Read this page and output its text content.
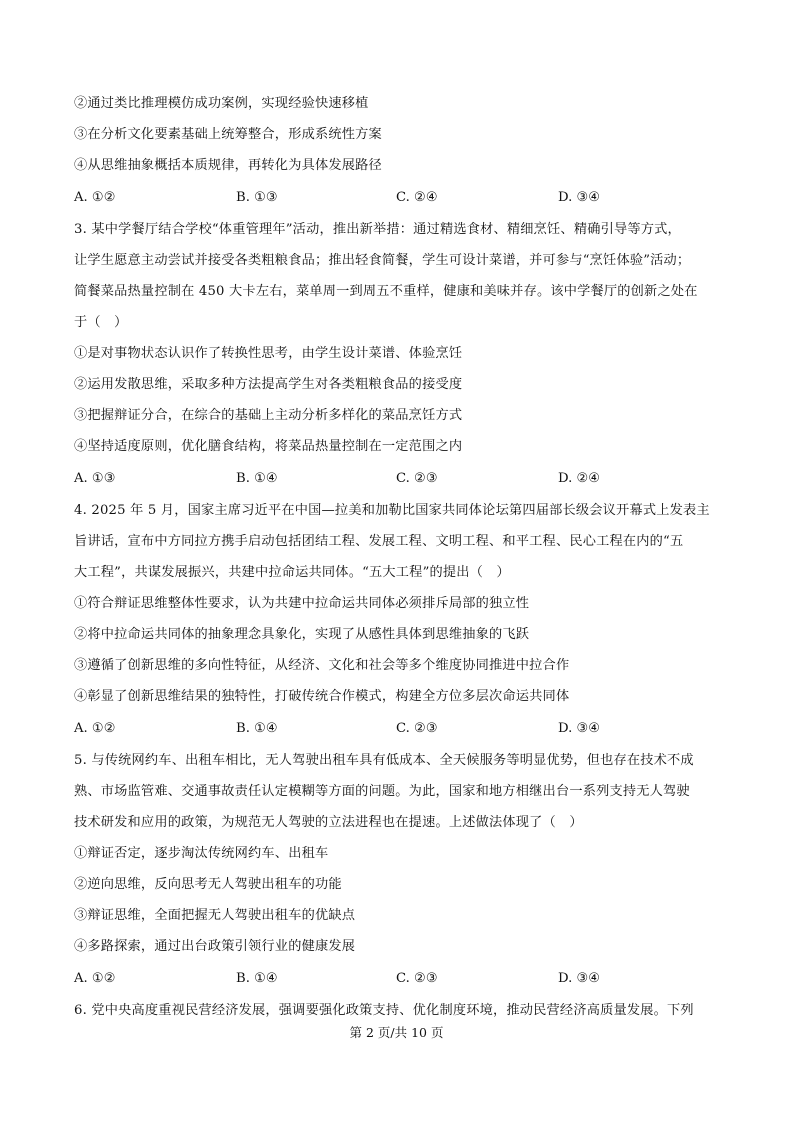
②通过类比推理模仿成功案例，实现经验快速移植
③在分析文化要素基础上统筹整合，形成系统性方案
④从思维抽象概括本质规律，再转化为具体发展路径
A. ①②	B. ①③	C. ②④	D. ③④
3. 某中学餐厅结合学校“体重管理年”活动，推出新举措：通过精选食材、精细烹饪、精确引导等方式，
让学生愿意主动尝试并接受各类粗粮食品；推出轻食简餐，学生可设计菜谱，并可参与“烹饪体验”活动；
简餐菜品热量控制在 450 大卡左右，菜单周一到周五不重样，健康和美味并存。该中学餐厅的创新之处在
于（　）
①是对事物状态认识作了转换性思考，由学生设计菜谱、体验烹饪
②运用发散思维，采取多种方法提高学生对各类粗粮食品的接受度
③把握辩证分合，在综合的基础上主动分析多样化的菜品烹饪方式
④坚持适度原则，优化膳食结构，将菜品热量控制在一定范围之内
A. ①③	B. ①④	C. ②③	D. ②④
4. 2025 年 5 月，国家主席习近平在中国—拉美和加勒比国家共同体论坛第四届部长级会议开幕式上发表主
旨讲话，宣布中方同拉方携手启动包括团结工程、发展工程、文明工程、和平工程、民心工程在内的“五
大工程”，共谋发展振兴，共建中拉命运共同体。“五大工程”的提出（　）
①符合辩证思维整体性要求，认为共建中拉命运共同体必须排斥局部的独立性
②将中拉命运共同体的抽象理念具象化，实现了从感性具体到思维抽象的飞跃
③遵循了创新思维的多向性特征，从经济、文化和社会等多个维度协同推进中拉合作
④彰显了创新思维结果的独特性，打破传统合作模式，构建全方位多层次命运共同体
A. ①②	B. ①④	C. ②③	D. ③④
5. 与传统网约车、出租车相比，无人驾驶出租车具有低成本、全天候服务等明显优势，但也存在技术不成
熟、市场监管难、交通事故责任认定模糊等方面的问题。为此，国家和地方相继出台一系列支持无人驾驶
技术研发和应用的政策，为规范无人驾驶的立法进程也在提速。上述做法体现了（　）
①辩证否定，逐步淘汰传统网约车、出租车
②逆向思维，反向思考无人驾驶出租车的功能
③辩证思维，全面把握无人驾驶出租车的优缺点
④多路探索，通过出台政策引领行业的健康发展
A. ①②	B. ①④	C. ②③	D. ③④
6. 党中央高度重视民营经济发展，强调要强化政策支持、优化制度环境，推动民营经济高质量发展。下列
第 2 页/共 10 页
